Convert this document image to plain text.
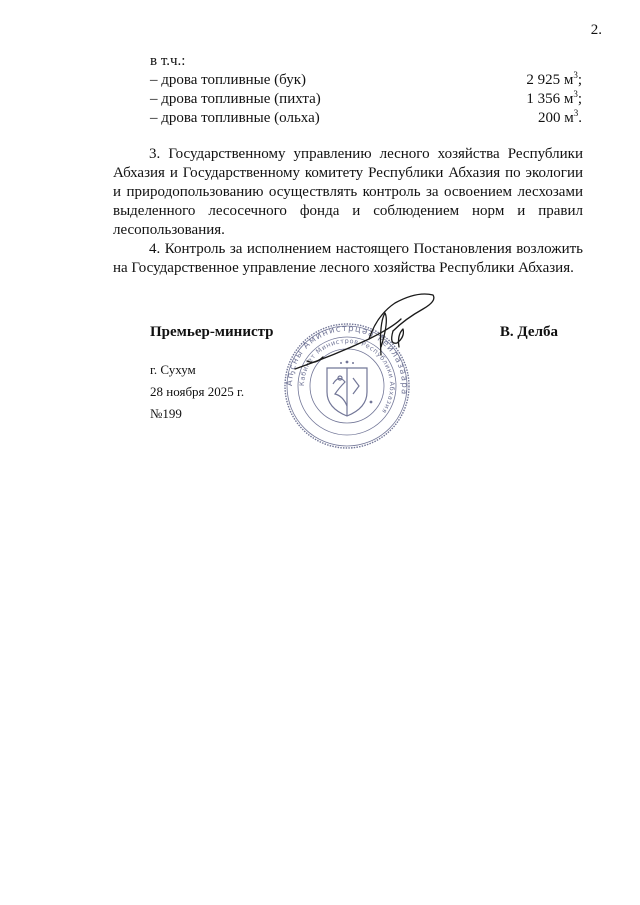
2.
в т.ч.:
– дрова топливные (бук)	2 925 $м^3$;
– дрова топливные (пихта)	1 356 $м^3$;
– дрова топливные (ольха)	200 $м^3$.

3. Государственному управлению лесного хозяйства Республики Абхазия и Государственному комитету Республики Абхазия по экологии и природопользованию осуществлять контроль за освоением лесхозами выделенного лесосечного фонда и соблюдением норм и правил лесопользования.

4. Контроль за исполнением настоящего Постановления возложить на Государственное управление лесного хозяйства Республики Абхазия.

Премьер-министр	В. Делба
г. Сухум
28 ноября 2025 г.
№199
Аҧсны Аминистрцәа Реилазаара
Кабинет Министров Республики Абхазия
